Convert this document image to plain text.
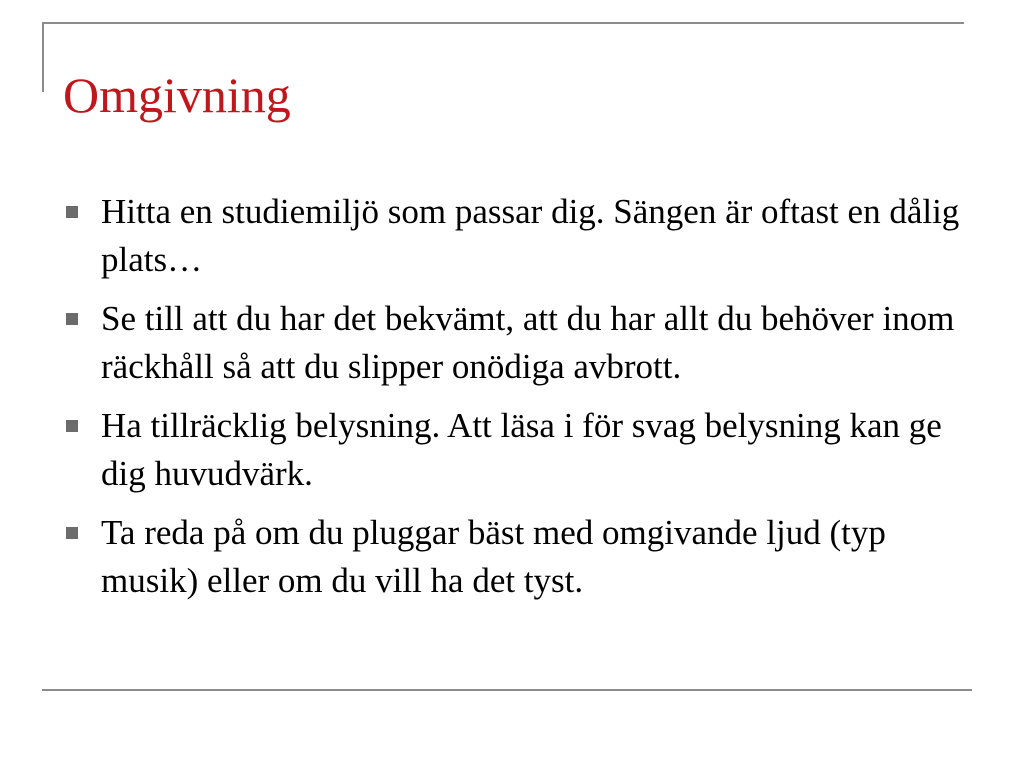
Omgivning
Hitta en studiemiljö som passar dig. Sängen är oftast en dålig plats…
Se till att du har det bekvämt, att du har allt du behöver inom räckhåll så att du slipper onödiga avbrott.
Ha tillräcklig belysning. Att läsa i för svag belysning kan ge dig huvudvärk.
Ta reda på om du pluggar bäst med omgivande ljud (typ musik) eller om du vill ha det tyst.
